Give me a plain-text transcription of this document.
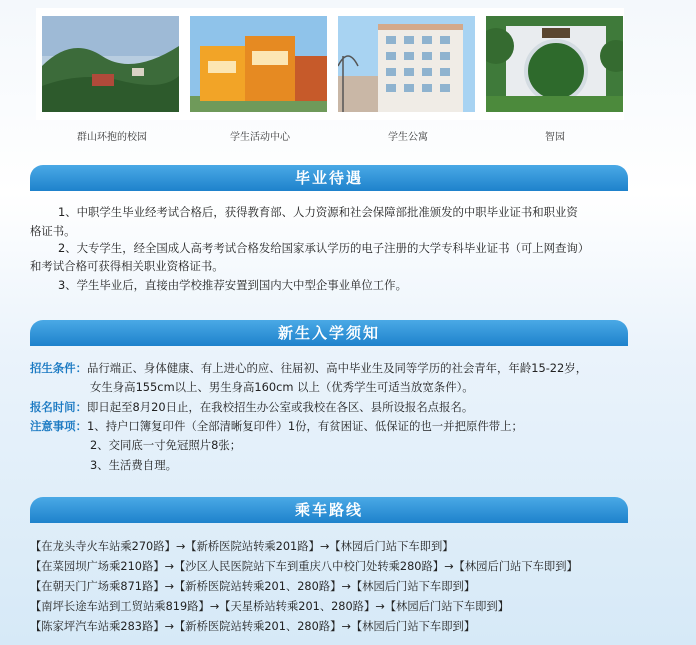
群山环抱的校园	学生活动中心	学生公寓	智园
毕业待遇
1、中职学生毕业经考试合格后，获得教育部、人力资源和社会保障部批准颁发的中职毕业证书和职业资
格证书。
2、大专学生，经全国成人高考考试合格发给国家承认学历的电子注册的大学专科毕业证书（可上网查询）
和考试合格可获得相关职业资格证书。
3、学生毕业后，直接由学校推荐安置到国内大中型企事业单位工作。
新生入学须知
招生条件：品行端正、身体健康、有上进心的应、往届初、高中毕业生及同等学历的社会青年，年龄15-22岁，
女生身高155cm以上、男生身高160cm 以上（优秀学生可适当放宽条件）。
报名时间：即日起至8月20日止，在我校招生办公室或我校在各区、县所设报名点报名。
注意事项：1、持户口簿复印件（全部清晰复印件）1份，有贫困证、低保证的也一并把原件带上；
2、交同底一寸免冠照片8张；
3、生活费自理。
乘车路线
【在龙头寺火车站乘270路】→【新桥医院站转乘201路】→【林园后门站下车即到】
【在菜园坝广场乘210路】→【沙区人民医院站下车到重庆八中校门处转乘280路】→【林园后门站下车即到】
【在朝天门广场乘871路】→【新桥医院站转乘201、280路】→【林园后门站下车即到】
【南坪长途车站到工贸站乘819路】→【天星桥站转乘201、280路】→【林园后门站下车即到】
【陈家坪汽车站乘283路】→【新桥医院站转乘201、280路】→【林园后门站下车即到】
